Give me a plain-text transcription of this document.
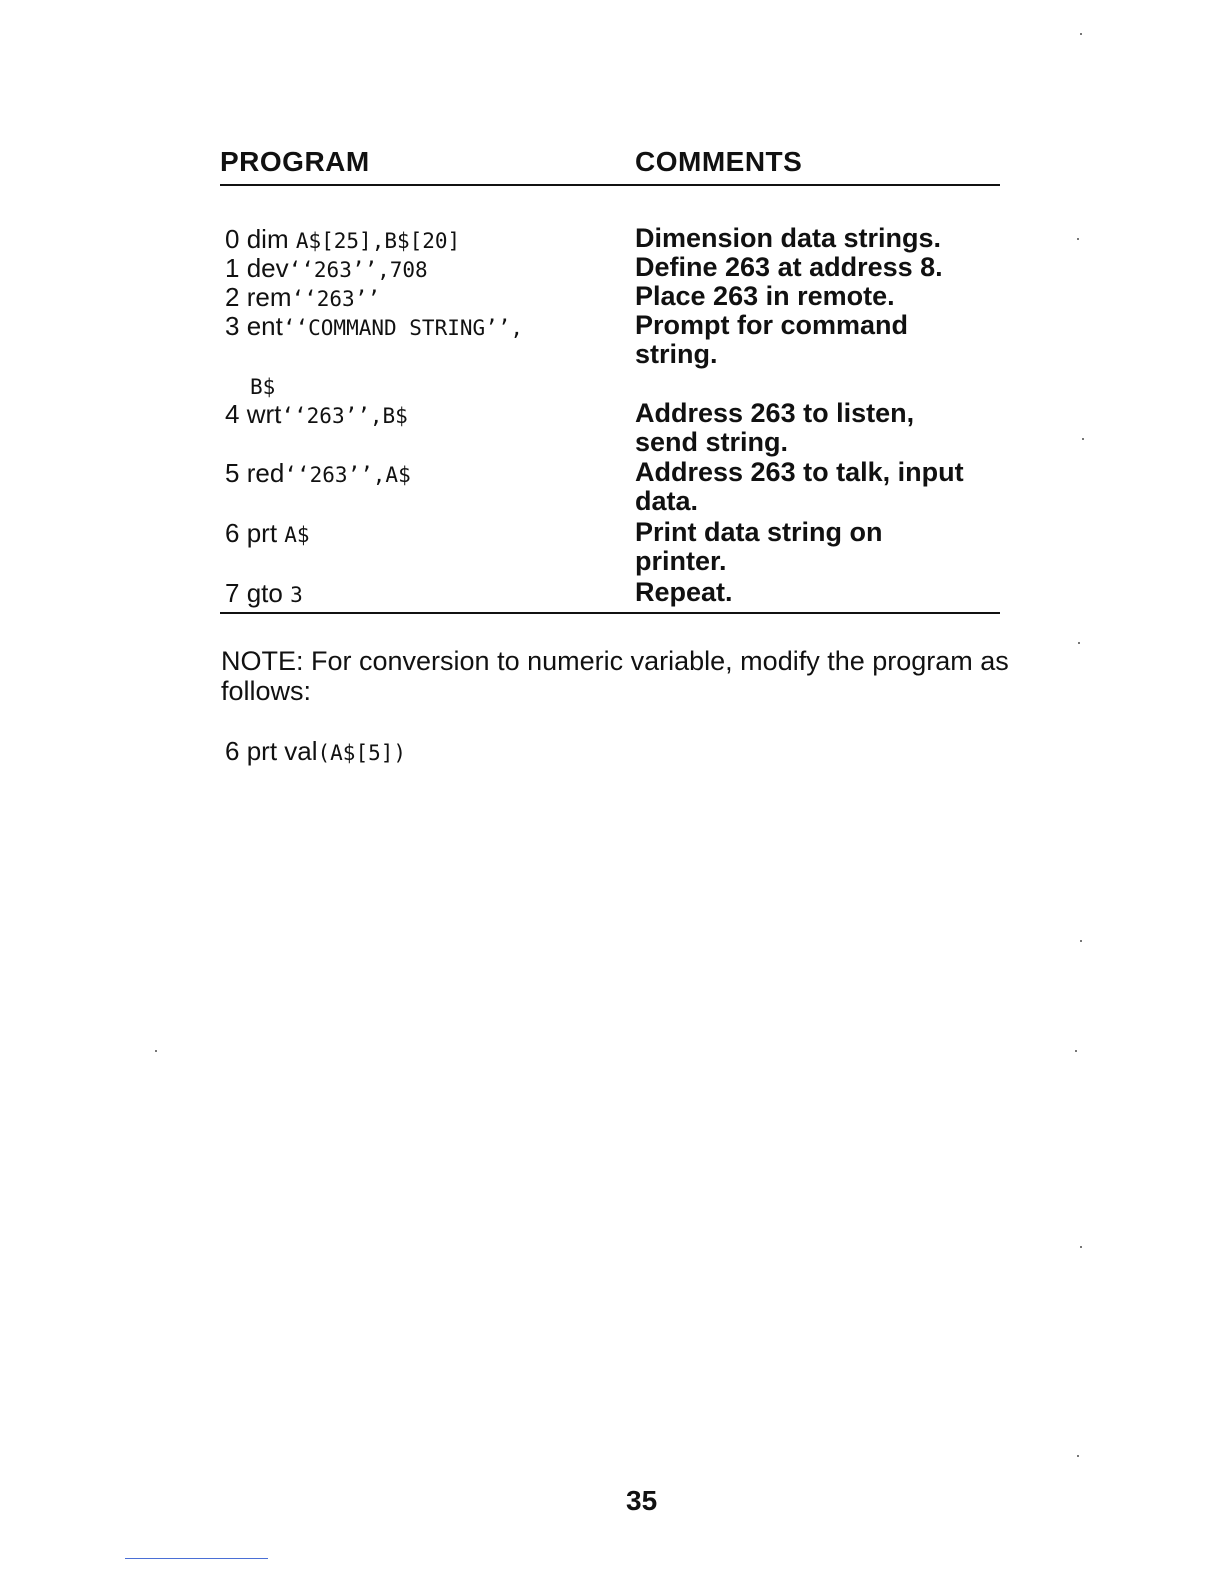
PROGRAM	COMMENTS
0 dim A$[25],B$[20]
1 dev‘‘263’’,708
2 rem‘‘263’’
3 ent‘‘COMMAND STRING’’,
B$
4 wrt‘‘263’’,B$
5 red‘‘263’’,A$
6 prt A$
7 gto 3
Dimension data strings.
Define 263 at address 8.
Place 263 in remote.
Prompt for command string.
Address 263 to listen, send string.
Address 263 to talk, input data.
Print data string on printer.
Repeat.
NOTE: For conversion to numeric variable, modify the program as follows:
6 prt val(A$[5])
35
